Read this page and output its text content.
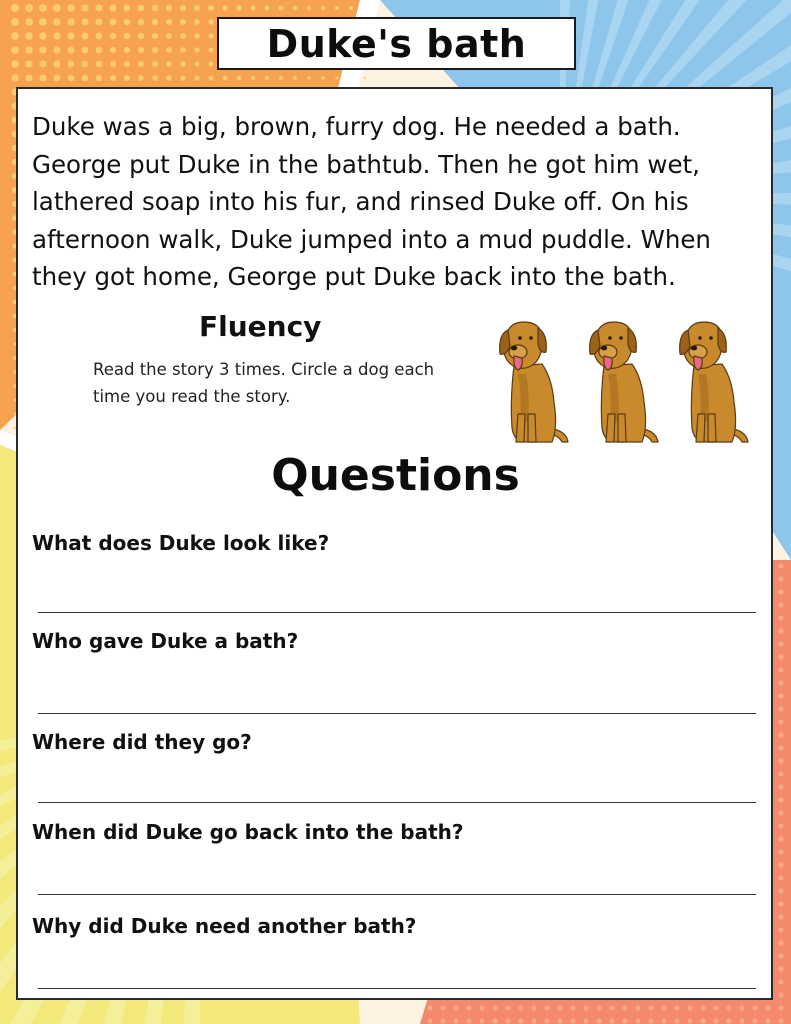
Duke's bath

Duke was a big, brown, furry dog. He needed a bath. George put Duke in the bathtub. Then he got him wet, lathered soap into his fur, and rinsed Duke off. On his afternoon walk, Duke jumped into a mud puddle. When they got home, George put Duke back into the bath.

Fluency
Read the story 3 times. Circle a dog each time you read the story.
Questions
What does Duke look like?
Who gave Duke a bath?
Where did they go?
When did Duke go back into the bath?
Why did Duke need another bath?
